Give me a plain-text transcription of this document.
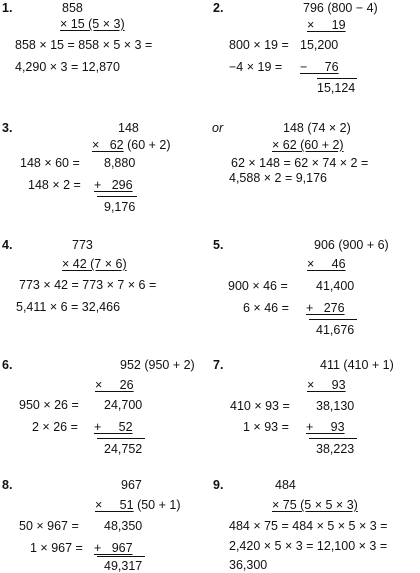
1.	858
× 15 (5 × 3)
858 × 15 = 858 × 5 × 3 =
4,290 × 3 = 12,870
2.	796 (800 − 4)
×     19
800 × 19 = 15,200
−4 × 19 = −     76
15,124
3.	148
×   62 (60 + 2)
148 × 60 = 8,880
148 × 2 = +   296
9,176
or	148 (74 × 2)
× 62 (60 + 2)
62 × 148 = 62 × 74 × 2 =
4,588 × 2 = 9,176
4.	773
× 42 (7 × 6)
773 × 42 = 773 × 7 × 6 =
5,411 × 6 = 32,466
5.	906 (900 + 6)
×     46
900 × 46 = 41,400
6 × 46 = +   276
41,676
6.	952 (950 + 2)
×     26
950 × 26 = 24,700
2 × 26 = +     52
24,752
7.	411 (410 + 1)
×     93
410 × 93 = 38,130
1 × 93 = +     93
38,223
8.	967
×     51 (50 + 1)
50 × 967 = 48,350
1 × 967 = +   967
49,317
9.	484
× 75 (5 × 5 × 3)
484 × 75 = 484 × 5 × 5 × 3 =
2,420 × 5 × 3 = 12,100 × 3 =
36,300
